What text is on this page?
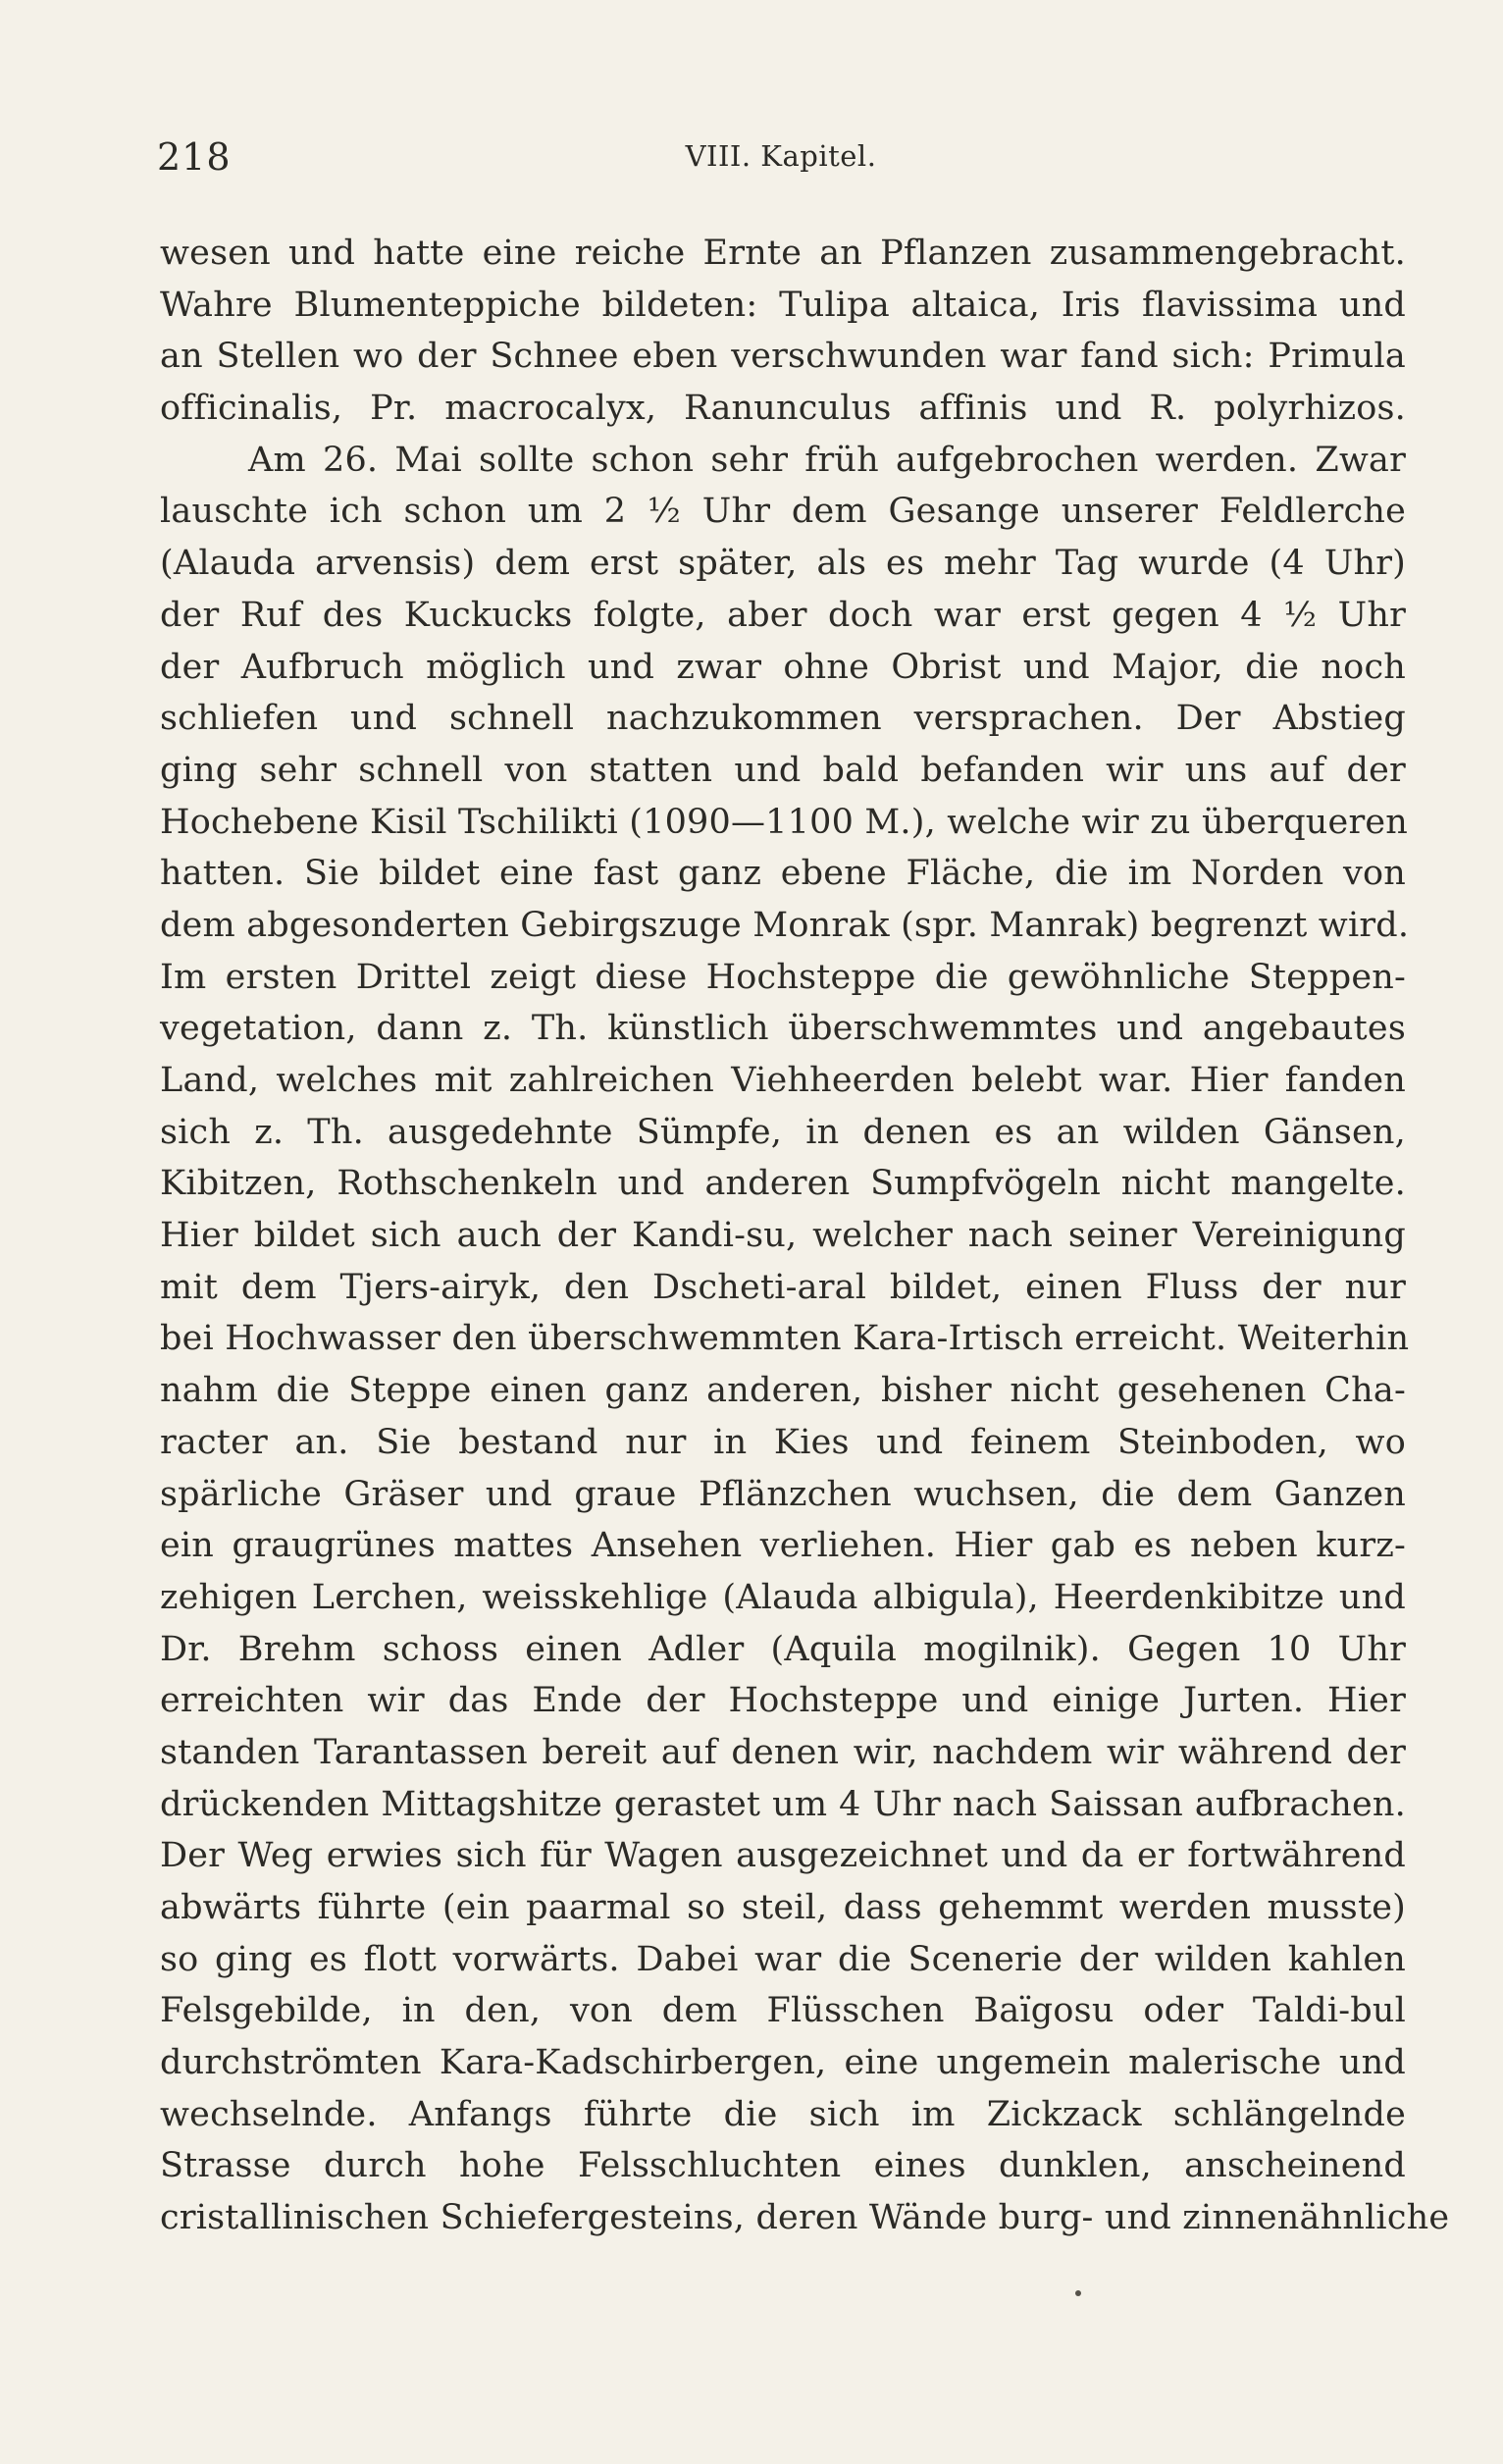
218	VIII. Kapitel.
wesen und hatte eine reiche Ernte an Pflanzen zusammengebracht.
Wahre Blumenteppiche bildeten: Tulipa altaica, Iris flavissima und
an Stellen wo der Schnee eben verschwunden war fand sich: Primula
officinalis, Pr. macrocalyx, Ranunculus affinis und R. polyrhizos.
Am 26. Mai sollte schon sehr früh aufgebrochen werden. Zwar
lauschte ich schon um 2 ½ Uhr dem Gesange unserer Feldlerche
(Alauda arvensis) dem erst später, als es mehr Tag wurde (4 Uhr)
der Ruf des Kuckucks folgte, aber doch war erst gegen 4 ½ Uhr
der Aufbruch möglich und zwar ohne Obrist und Major, die noch
schliefen und schnell nachzukommen versprachen. Der Abstieg
ging sehr schnell von statten und bald befanden wir uns auf der
Hochebene Kisil Tschilikti (1090—1100 M.), welche wir zu überqueren
hatten. Sie bildet eine fast ganz ebene Fläche, die im Norden von
dem abgesonderten Gebirgszuge Monrak (spr. Manrak) begrenzt wird.
Im ersten Drittel zeigt diese Hochsteppe die gewöhnliche Steppen-
vegetation, dann z. Th. künstlich überschwemmtes und angebautes
Land, welches mit zahlreichen Viehheerden belebt war. Hier fanden
sich z. Th. ausgedehnte Sümpfe, in denen es an wilden Gänsen,
Kibitzen, Rothschenkeln und anderen Sumpfvögeln nicht mangelte.
Hier bildet sich auch der Kandi-su, welcher nach seiner Vereinigung
mit dem Tjers-airyk, den Dscheti-aral bildet, einen Fluss der nur
bei Hochwasser den überschwemmten Kara-Irtisch erreicht. Weiterhin
nahm die Steppe einen ganz anderen, bisher nicht gesehenen Cha-
racter an. Sie bestand nur in Kies und feinem Steinboden, wo
spärliche Gräser und graue Pflänzchen wuchsen, die dem Ganzen
ein graugrünes mattes Ansehen verliehen. Hier gab es neben kurz-
zehigen Lerchen, weisskehlige (Alauda albigula), Heerdenkibitze und
Dr. Brehm schoss einen Adler (Aquila mogilnik). Gegen 10 Uhr
erreichten wir das Ende der Hochsteppe und einige Jurten. Hier
standen Tarantassen bereit auf denen wir, nachdem wir während der
drückenden Mittagshitze gerastet um 4 Uhr nach Saissan aufbrachen.
Der Weg erwies sich für Wagen ausgezeichnet und da er fortwährend
abwärts führte (ein paarmal so steil, dass gehemmt werden musste)
so ging es flott vorwärts. Dabei war die Scenerie der wilden kahlen
Felsgebilde, in den, von dem Flüsschen Baïgosu oder Taldi-bul
durchströmten Kara-Kadschirbergen, eine ungemein malerische und
wechselnde. Anfangs führte die sich im Zickzack schlängelnde
Strasse durch hohe Felsschluchten eines dunklen, anscheinend
cristallinischen Schiefergesteins, deren Wände burg- und zinnenähnliche
